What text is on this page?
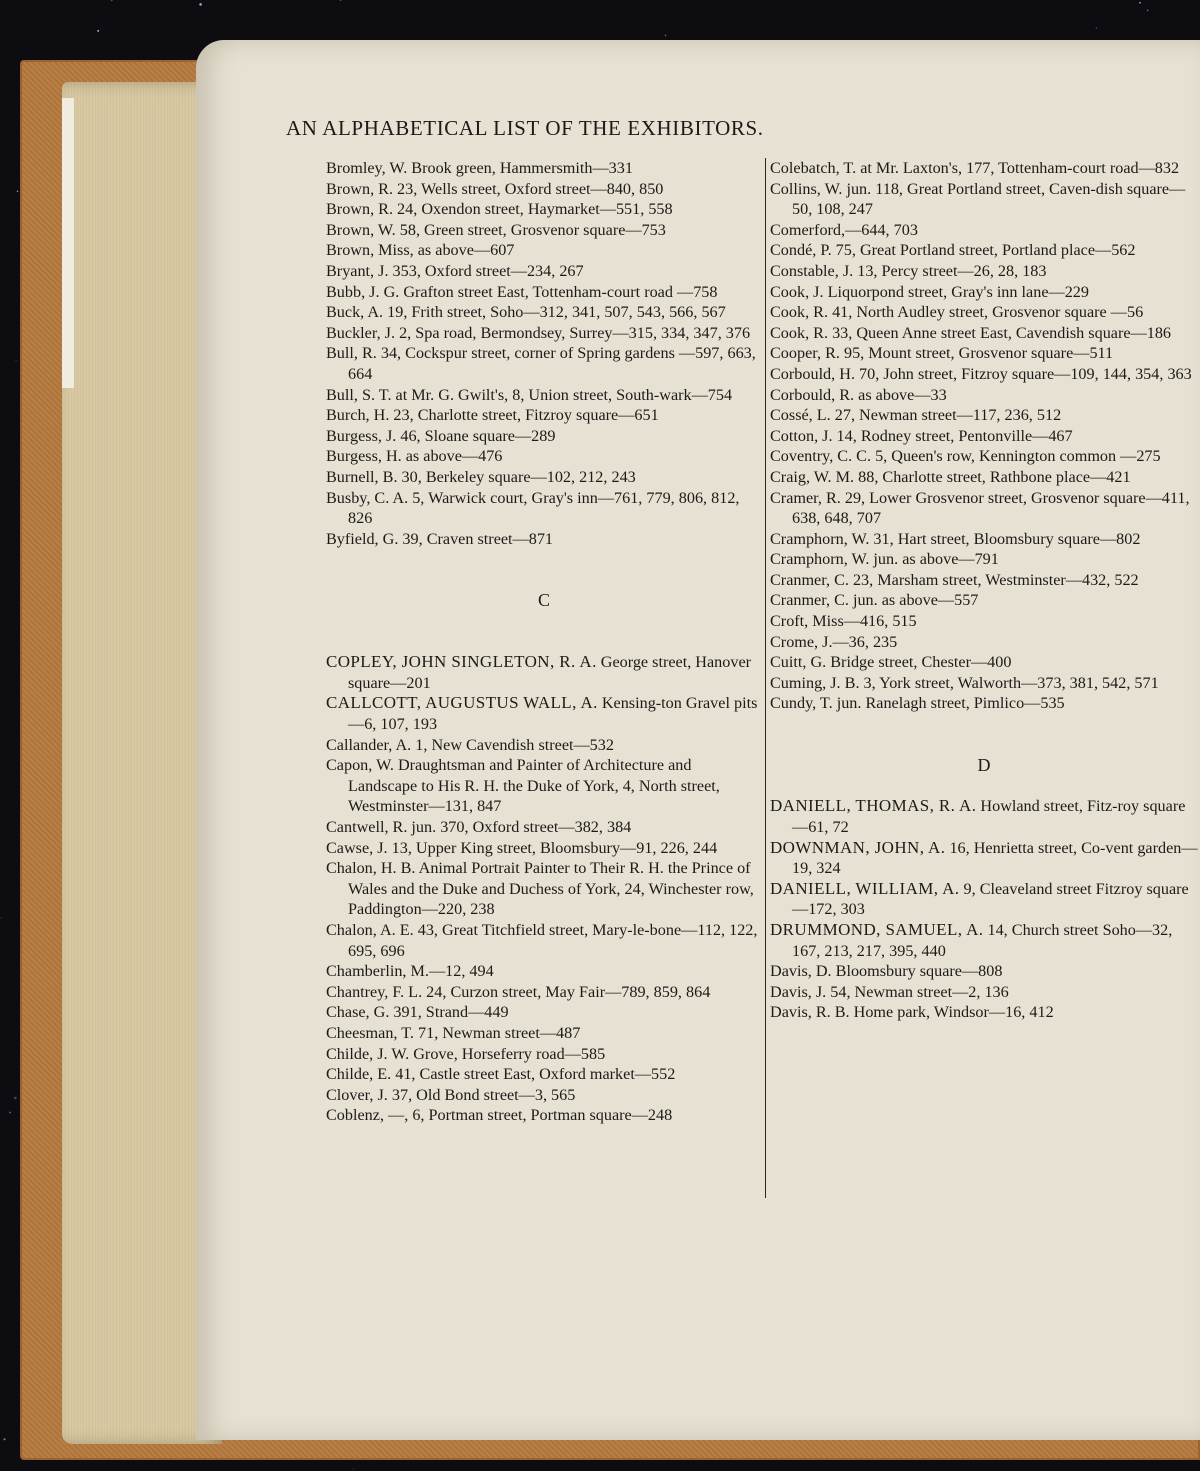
AN ALPHABETICAL LIST OF THE EXHIBITORS.

Bromley, W. Brook green, Hammersmith—331

Brown, R. 23, Wells street, Oxford street—840, 850

Brown, R. 24, Oxendon street, Haymarket—551, 558

Brown, W. 58, Green street, Grosvenor square—753

Brown, Miss, as above—607

Bryant, J. 353, Oxford street—234, 267

Bubb, J. G. Grafton street East, Tottenham-court road —758

Buck, A. 19, Frith street, Soho—312, 341, 507, 543, 566, 567

Buckler, J. 2, Spa road, Bermondsey, Surrey—315, 334, 347, 376

Bull, R. 34, Cockspur street, corner of Spring gardens —597, 663, 664

Bull, S. T. at Mr. G. Gwilt's, 8, Union street, South-wark—754

Burch, H. 23, Charlotte street, Fitzroy square—651

Burgess, J. 46, Sloane square—289

Burgess, H. as above—476

Burnell, B. 30, Berkeley square—102, 212, 243

Busby, C. A. 5, Warwick court, Gray's inn—761, 779, 806, 812, 826

Byfield, G. 39, Craven street—871

C

COPLEY, JOHN SINGLETON, R. A. George street, Hanover square—201

CALLCOTT, AUGUSTUS WALL, A. Kensing-ton Gravel pits—6, 107, 193

Callander, A. 1, New Cavendish street—532

Capon, W. Draughtsman and Painter of Architecture and Landscape to His R. H. the Duke of York, 4, North street, Westminster—131, 847

Cantwell, R. jun. 370, Oxford street—382, 384

Cawse, J. 13, Upper King street, Bloomsbury—91, 226, 244

Chalon, H. B. Animal Portrait Painter to Their R. H. the Prince of Wales and the Duke and Duchess of York, 24, Winchester row, Paddington—220, 238

Chalon, A. E. 43, Great Titchfield street, Mary-le-bone—112, 122, 695, 696

Chamberlin, M.—12, 494

Chantrey, F. L. 24, Curzon street, May Fair—789, 859, 864

Chase, G. 391, Strand—449

Cheesman, T. 71, Newman street—487

Childe, J. W. Grove, Horseferry road—585

Childe, E. 41, Castle street East, Oxford market—552

Clover, J. 37, Old Bond street—3, 565

Coblenz, —, 6, Portman street, Portman square—248

Colebatch, T. at Mr. Laxton's, 177, Tottenham-court road—832

Collins, W. jun. 118, Great Portland street, Caven-dish square—50, 108, 247

Comerford,—644, 703

Condé, P. 75, Great Portland street, Portland place—562

Constable, J. 13, Percy street—26, 28, 183

Cook, J. Liquorpond street, Gray's inn lane—229

Cook, R. 41, North Audley street, Grosvenor square —56

Cook, R. 33, Queen Anne street East, Cavendish square—186

Cooper, R. 95, Mount street, Grosvenor square—511

Corbould, H. 70, John street, Fitzroy square—109, 144, 354, 363

Corbould, R. as above—33

Cossé, L. 27, Newman street—117, 236, 512

Cotton, J. 14, Rodney street, Pentonville—467

Coventry, C. C. 5, Queen's row, Kennington common —275

Craig, W. M. 88, Charlotte street, Rathbone place—421

Cramer, R. 29, Lower Grosvenor street, Grosvenor square—411, 638, 648, 707

Cramphorn, W. 31, Hart street, Bloomsbury square—802

Cramphorn, W. jun. as above—791

Cranmer, C. 23, Marsham street, Westminster—432, 522

Cranmer, C. jun. as above—557

Croft, Miss—416, 515

Crome, J.—36, 235

Cuitt, G. Bridge street, Chester—400

Cuming, J. B. 3, York street, Walworth—373, 381, 542, 571

Cundy, T. jun. Ranelagh street, Pimlico—535

D

DANIELL, THOMAS, R. A. Howland street, Fitz-roy square—61, 72

DOWNMAN, JOHN, A. 16, Henrietta street, Co-vent garden—19, 324

DANIELL, WILLIAM, A. 9, Cleaveland street Fitzroy square—172, 303

DRUMMOND, SAMUEL, A. 14, Church street Soho—32, 167, 213, 217, 395, 440

Davis, D. Bloomsbury square—808

Davis, J. 54, Newman street—2, 136

Davis, R. B. Home park, Windsor—16, 412
